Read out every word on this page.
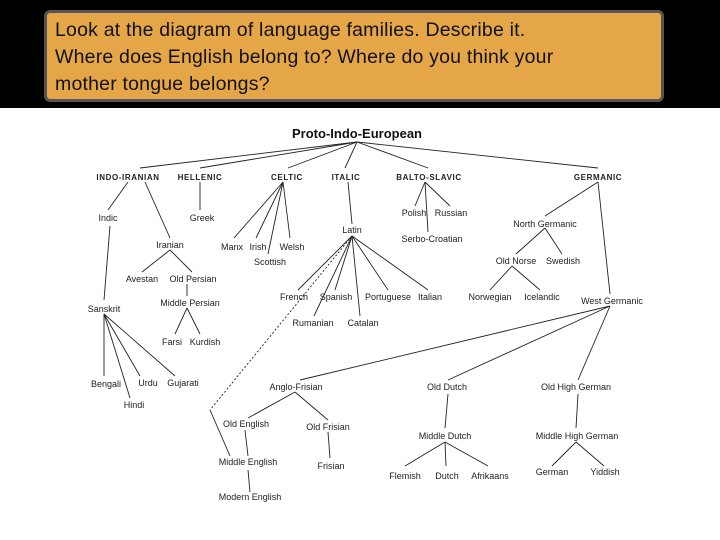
Look at the diagram of language families. Describe it.
Where does English belong to? Where do you think your
mother tongue belongs?
Proto-Indo-European
INDO-IRANIAN HELLENIC	CELTIC	ITALIC	BALTO-SLAVIC	GERMANIC
Indic	Greek
Iranian	Manx Irish Welsh
Scottish
Latin
Polish Russian
Serbo-Croatian
North Germanic
Old Norse Swedish
Avestan Old Persian
Sanskrit
Middle Persian
French Spanish Portuguese Italian	Norwegian Icelandic West Germanic
Rumanian Catalan
Farsi Kurdish
Bengali Urdu Gujarati
Hindi
Anglo-Frisian	Old Dutch	Old High German
Old English	Old Frisian
Middle Dutch	Middle High German
Middle English	Frisian
Flemish Dutch Afrikaans	German Yiddish
Modern English
